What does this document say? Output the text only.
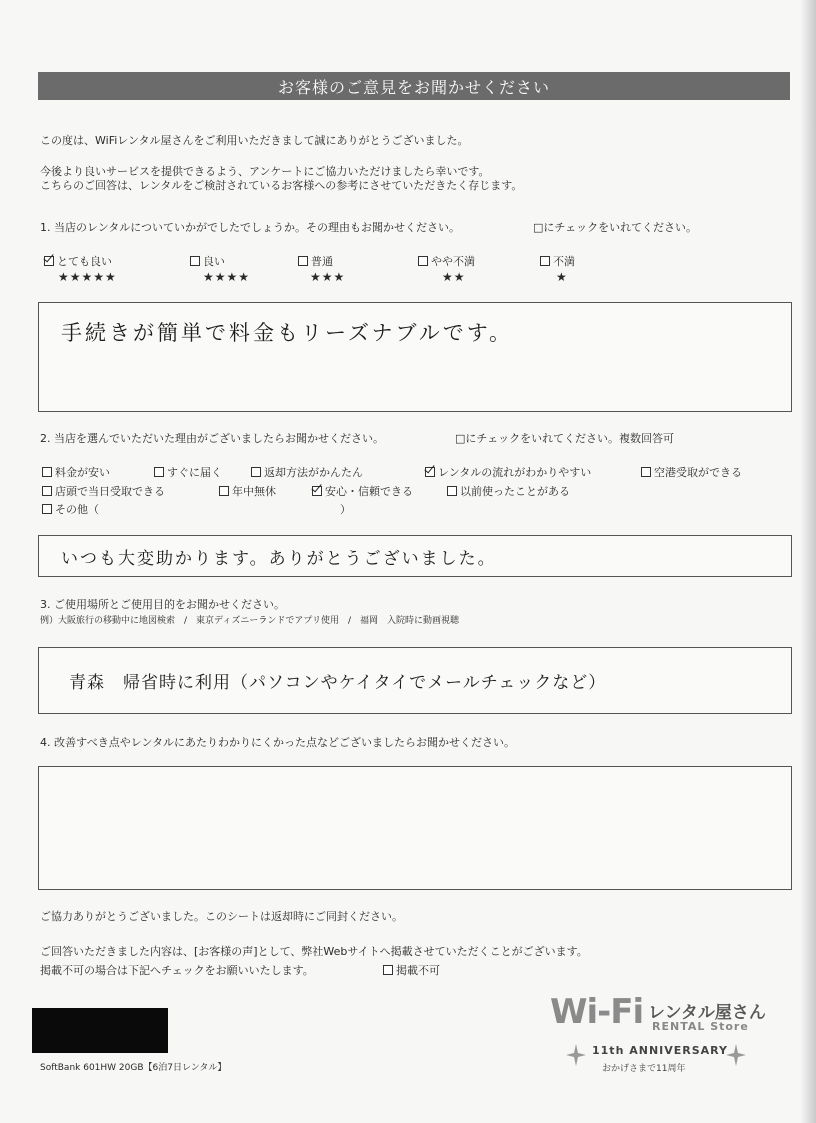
お客様のご意見をお聞かせください
この度は、WiFiレンタル屋さんをご利用いただきまして誠にありがとうございました。
今後より良いサービスを提供できるよう、アンケートにご協力いただけましたら幸いです。
こちらのご回答は、レンタルをご検討されているお客様への参考にさせていただきたく存じます。
1. 当店のレンタルについていかがでしたでしょうか。その理由もお聞かせください。	□にチェックをいれてください。
とても良い
★★★★★
良い
★★★★
普通
★★★
やや不満
★★
不満
★
手続きが簡単で料金もリーズナブルです。
2. 当店を選んでいただいた理由がございましたらお聞かせください。	□にチェックをいれてください。複数回答可
料金が安い	すぐに届く	返却方法がかんたん	レンタルの流れがわかりやすい	空港受取ができる
店頭で当日受取できる	年中無休	安心・信頼できる	以前使ったことがある
その他（	）
いつも大変助かります。ありがとうございました。
3. ご使用場所とご使用目的をお聞かせください。
例）大阪旅行の移動中に地図検索　/　東京ディズニーランドでアプリ使用　/　福岡　入院時に動画視聴
青森　帰省時に利用（パソコンやケイタイでメールチェックなど）
4. 改善すべき点やレンタルにあたりわかりにくかった点などございましたらお聞かせください。
ご協力ありがとうございました。このシートは返却時にご同封ください。
ご回答いただきました内容は、[お客様の声]として、弊社Webサイトへ掲載させていただくことがございます。
掲載不可の場合は下記へチェックをお願いいたします。	掲載不可
SoftBank 601HW 20GB【6泊7日レンタル】
Wi-Fi レンタル屋さん
RENTAL Store
11th ANNIVERSARY
おかげさまで11周年
